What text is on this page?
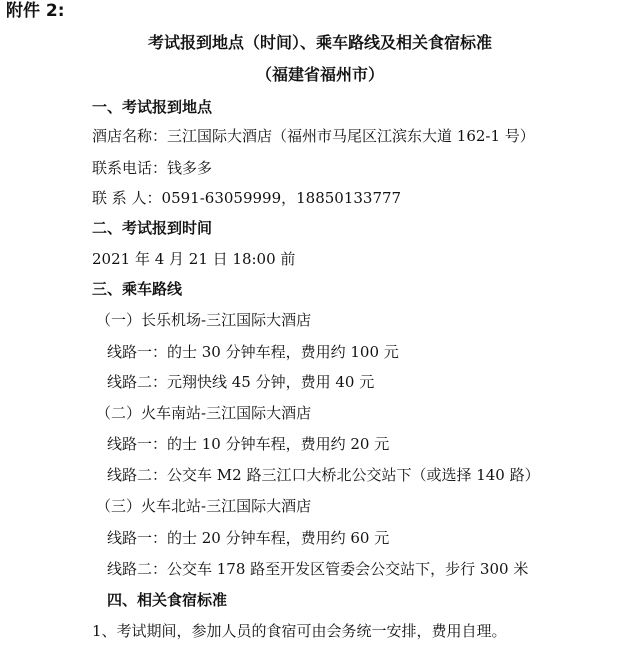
附件 2:
考试报到地点（时间）、乘车路线及相关食宿标准
（福建省福州市）
一、考试报到地点
酒店名称：三江国际大酒店（福州市马尾区江滨东大道 162-1 号）
联系电话：钱多多
联 系 人：0591-63059999，18850133777
二、考试报到时间
2021 年 4 月 21 日 18:00 前
三、乘车路线
（一）长乐机场-三江国际大酒店
线路一：的士 30 分钟车程，费用约 100 元
线路二：元翔快线 45 分钟，费用 40 元
（二）火车南站-三江国际大酒店
线路一：的士 10 分钟车程，费用约 20 元
线路二：公交车 M2 路三江口大桥北公交站下（或选择 140 路）
（三）火车北站-三江国际大酒店
线路一：的士 20 分钟车程，费用约 60 元
线路二：公交车 178 路至开发区管委会公交站下，步行 300 米
四、相关食宿标准
1、考试期间，参加人员的食宿可由会务统一安排，费用自理。
